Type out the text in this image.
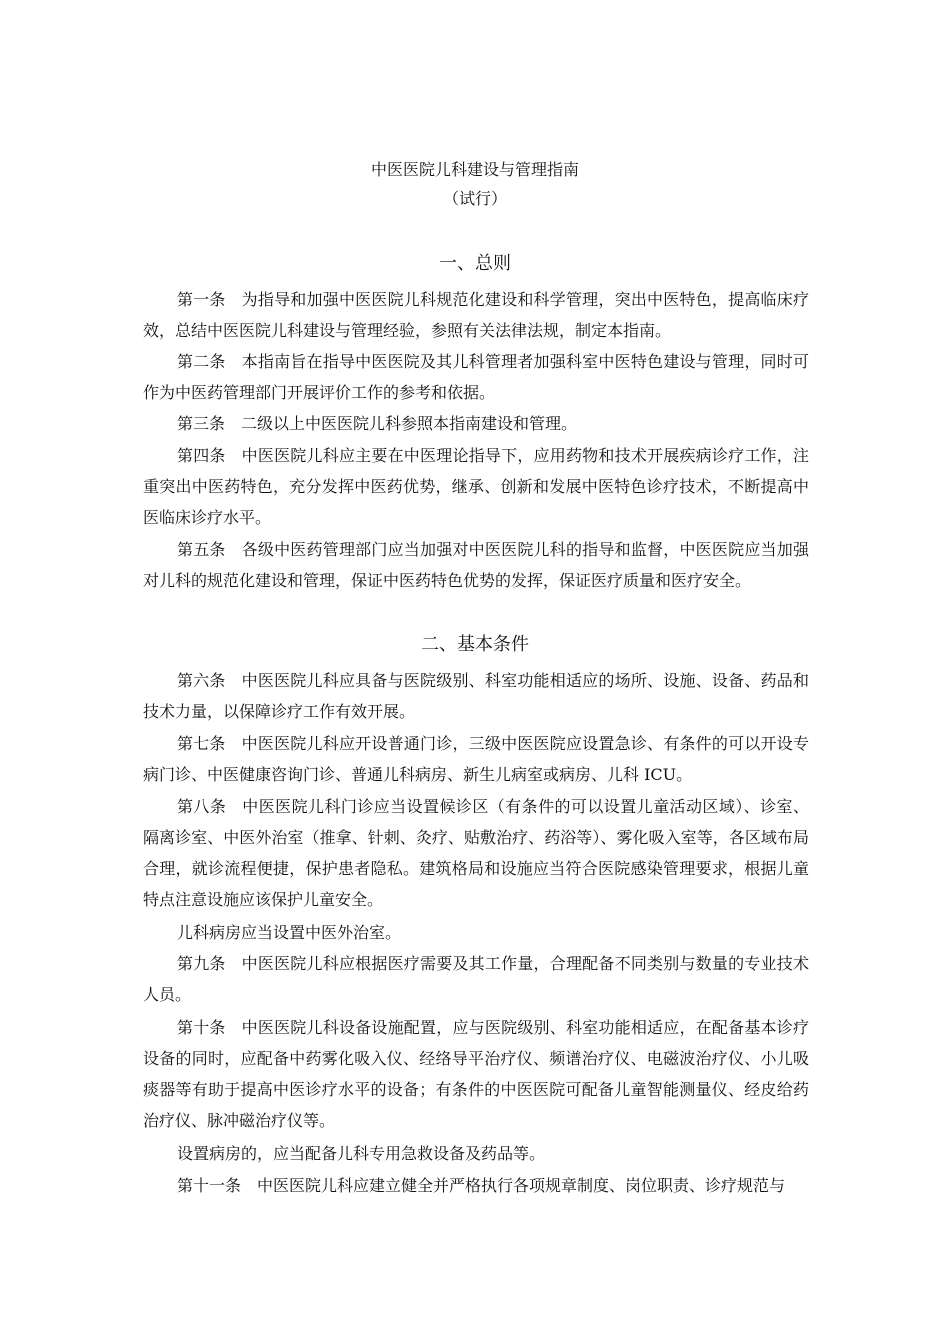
中医医院儿科建设与管理指南
（试行）
一、总则

第一条 为指导和加强中医医院儿科规范化建设和科学管理，突出中医特色，提高临床疗效，总结中医医院儿科建设与管理经验，参照有关法律法规，制定本指南。

第二条 本指南旨在指导中医医院及其儿科管理者加强科室中医特色建设与管理，同时可作为中医药管理部门开展评价工作的参考和依据。

第三条 二级以上中医医院儿科参照本指南建设和管理。

第四条 中医医院儿科应主要在中医理论指导下，应用药物和技术开展疾病诊疗工作，注重突出中医药特色，充分发挥中医药优势，继承、创新和发展中医特色诊疗技术，不断提高中医临床诊疗水平。

第五条 各级中医药管理部门应当加强对中医医院儿科的指导和监督，中医医院应当加强对儿科的规范化建设和管理，保证中医药特色优势的发挥，保证医疗质量和医疗安全。

二、基本条件

第六条 中医医院儿科应具备与医院级别、科室功能相适应的场所、设施、设备、药品和技术力量，以保障诊疗工作有效开展。

第七条 中医医院儿科应开设普通门诊，三级中医医院应设置急诊、有条件的可以开设专病门诊、中医健康咨询门诊、普通儿科病房、新生儿病室或病房、儿科 ICU。

第八条 中医医院儿科门诊应当设置候诊区（有条件的可以设置儿童活动区域）、诊室、隔离诊室、中医外治室（推拿、针刺、灸疗、贴敷治疗、药浴等）、雾化吸入室等，各区域布局合理，就诊流程便捷，保护患者隐私。建筑格局和设施应当符合医院感染管理要求，根据儿童特点注意设施应该保护儿童安全。

儿科病房应当设置中医外治室。

第九条 中医医院儿科应根据医疗需要及其工作量，合理配备不同类别与数量的专业技术人员。

第十条 中医医院儿科设备设施配置，应与医院级别、科室功能相适应，在配备基本诊疗设备的同时，应配备中药雾化吸入仪、经络导平治疗仪、频谱治疗仪、电磁波治疗仪、小儿吸痰器等有助于提高中医诊疗水平的设备；有条件的中医医院可配备儿童智能测量仪、经皮给药治疗仪、脉冲磁治疗仪等。

设置病房的，应当配备儿科专用急救设备及药品等。

第十一条 中医医院儿科应建立健全并严格执行各项规章制度、岗位职责、诊疗规范与
